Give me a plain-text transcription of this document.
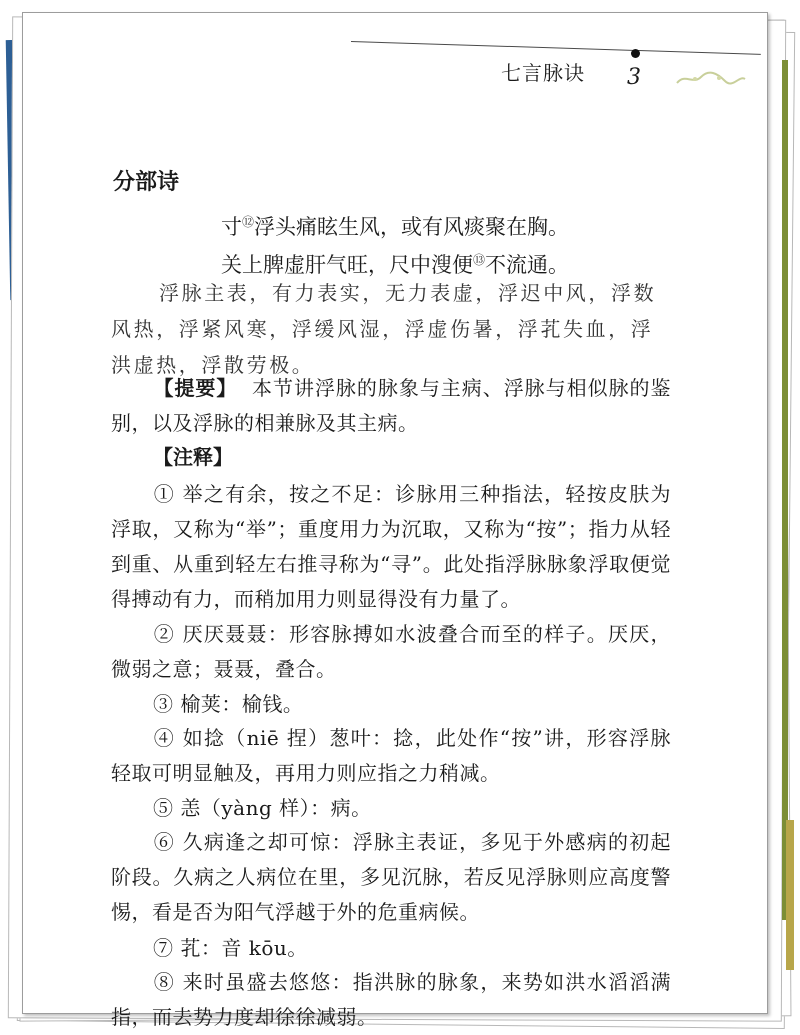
七言脉诀 3
分部诗
寸⑫浮头痛眩生风，或有风痰聚在胸。
关上脾虚肝气旺，尺中溲便⑬不流通。
浮脉主表，有力表实，无力表虚，浮迟中风，浮数风热，浮紧风寒，浮缓风湿，浮虚伤暑，浮芤失血，浮洪虚热，浮散劳极。
【提要】 本节讲浮脉的脉象与主病、浮脉与相似脉的鉴别，以及浮脉的相兼脉及其主病。
【注释】
① 举之有余，按之不足：诊脉用三种指法，轻按皮肤为浮取，又称为“举”；重度用力为沉取，又称为“按”；指力从轻到重、从重到轻左右推寻称为“寻”。此处指浮脉脉象浮取便觉得搏动有力，而稍加用力则显得没有力量了。
② 厌厌聂聂：形容脉搏如水波叠合而至的样子。厌厌，微弱之意；聂聂，叠合。
③ 榆荚：榆钱。
④ 如捻（niē 捏）葱叶：捻，此处作“按”讲，形容浮脉轻取可明显触及，再用力则应指之力稍减。
⑤ 恙（yàng 样）：病。
⑥ 久病逢之却可惊：浮脉主表证，多见于外感病的初起阶段。久病之人病位在里，多见沉脉，若反见浮脉则应高度警惕，看是否为阳气浮越于外的危重病候。
⑦ 芤：音 kōu。
⑧ 来时虽盛去悠悠：指洪脉的脉象，来势如洪水滔滔满指，而去势力度却徐徐减弱。
